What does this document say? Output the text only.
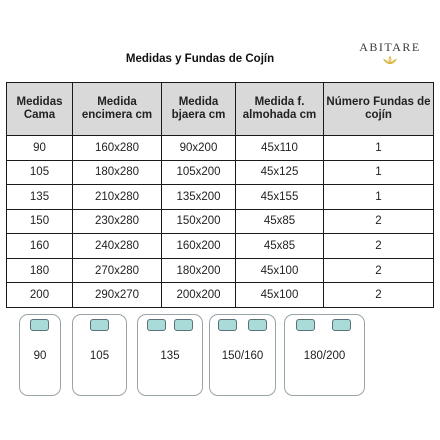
Medidas y Fundas de Cojín
ABITARE
Medidas Cama	Medida encimera cm	Medida bjaera cm	Medida f. almohada cm	Número Fundas de cojín
90	160x280	90x200	45x110	1
105	180x280	105x200	45x125	1
135	210x280	135x200	45x155	1
150	230x280	150x200	45x85	2
160	240x280	160x200	45x85	2
180	270x280	180x200	45x100	2
200	290x270	200x200	45x100	2
90	105	135	150/160	180/200
